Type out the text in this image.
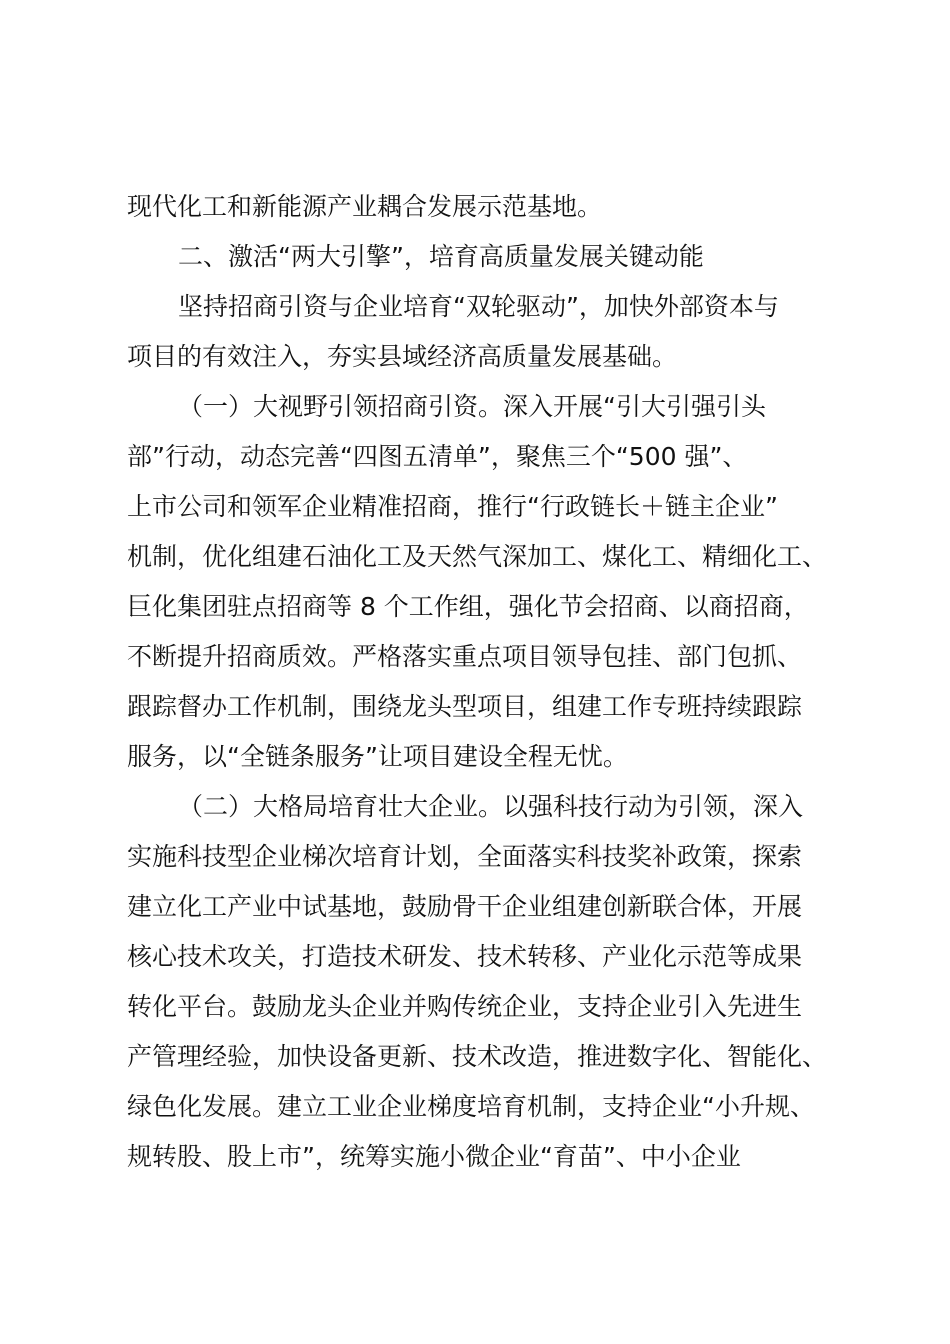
现代化工和新能源产业耦合发展示范基地。
二、激活“两大引擎”，培育高质量发展关键动能
坚持招商引资与企业培育“双轮驱动”，加快外部资本与
项目的有效注入，夯实县域经济高质量发展基础。
（一）大视野引领招商引资。深入开展“引大引强引头
部”行动，动态完善“四图五清单”，聚焦三个“500 强”、
上市公司和领军企业精准招商，推行“行政链长＋链主企业”
机制，优化组建石油化工及天然气深加工、煤化工、精细化工、
巨化集团驻点招商等 8 个工作组，强化节会招商、以商招商，
不断提升招商质效。严格落实重点项目领导包挂、部门包抓、
跟踪督办工作机制，围绕龙头型项目，组建工作专班持续跟踪
服务，以“全链条服务”让项目建设全程无忧。
（二）大格局培育壮大企业。以强科技行动为引领，深入
实施科技型企业梯次培育计划，全面落实科技奖补政策，探索
建立化工产业中试基地，鼓励骨干企业组建创新联合体，开展
核心技术攻关，打造技术研发、技术转移、产业化示范等成果
转化平台。鼓励龙头企业并购传统企业，支持企业引入先进生
产管理经验，加快设备更新、技术改造，推进数字化、智能化、
绿色化发展。建立工业企业梯度培育机制，支持企业“小升规、
规转股、股上市”，统筹实施小微企业“育苗”、中小企业
